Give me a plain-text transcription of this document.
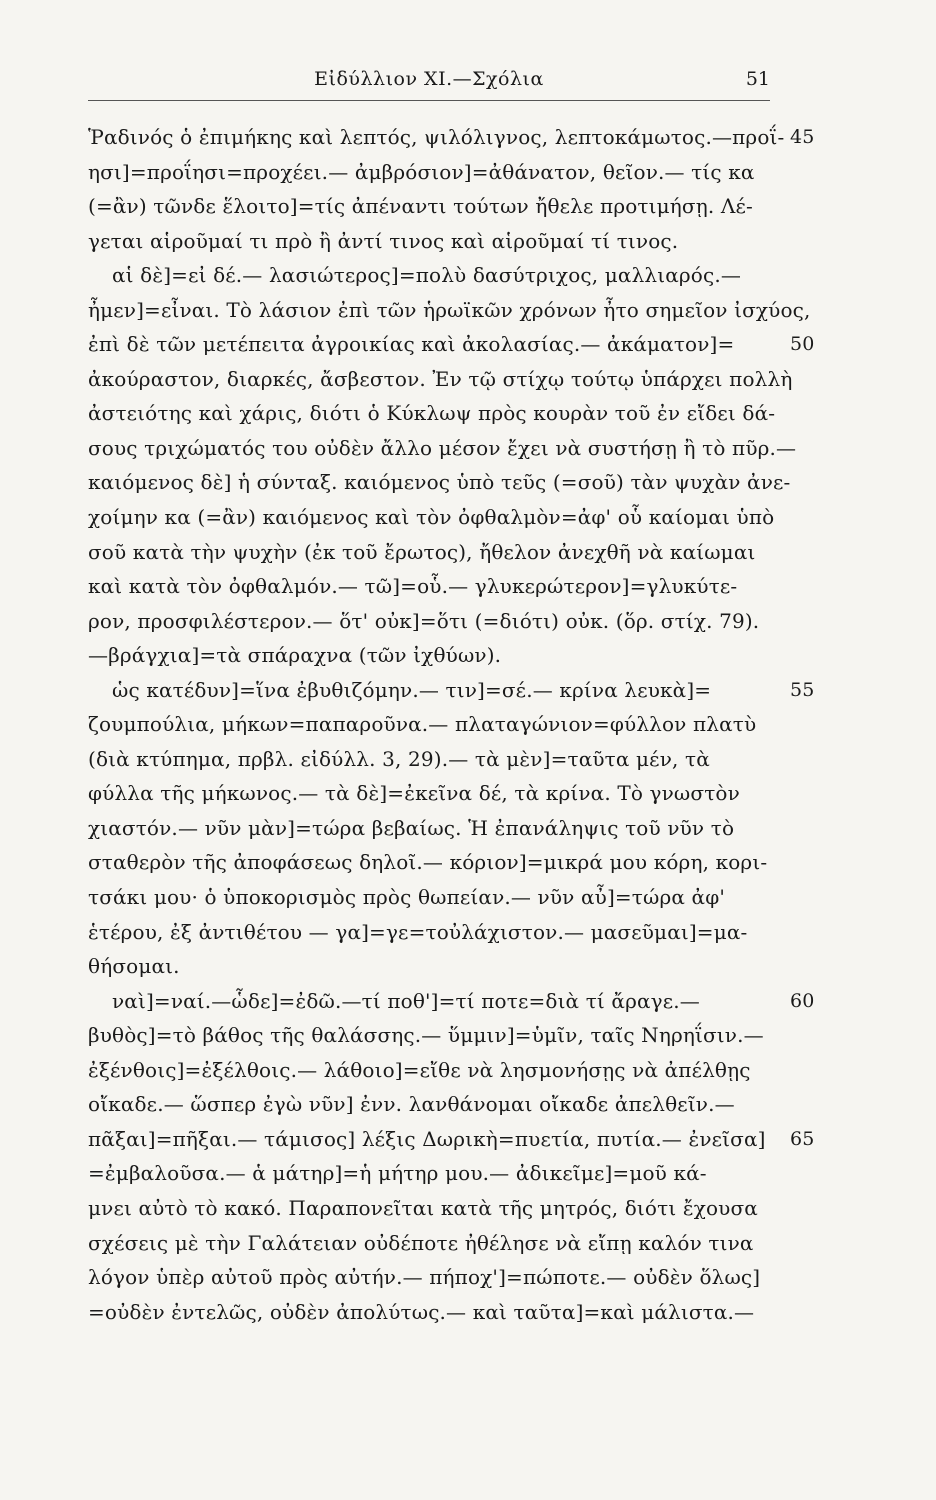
Εἰδύλλιον XI.—Σχόλια	51
Ῥαδινός ὁ ἐπιμήκης καὶ λεπτός, ψιλόλιγνος, λεπτοκάμωτος.—προΐ- 45
ησι]=προΐησι=προχέει.— ἀμβρόσιον]=ἀθάνατον, θεῖον.— τίς κα
(=ἂν) τῶνδε ἕλοιτο]=τίς ἀπέναντι τούτων ἤθελε προτιμήσῃ. Λέ-
γεται αἱροῦμαί τι πρὸ ἢ ἀντί τινος καὶ αἱροῦμαί τί τινος.
αἱ δὲ]=εἰ δέ.— λασιώτερος]=πολὺ δασύτριχος, μαλλιαρός.—
ἦμεν]=εἶναι. Τὸ λάσιον ἐπὶ τῶν ἡρωϊκῶν χρόνων ἦτο σημεῖον ἰσχύος,
ἐπὶ δὲ τῶν μετέπειτα ἀγροικίας καὶ ἀκολασίας.— ἀκάματον]=	50
ἀκούραστον, διαρκές, ἄσβεστον. Ἐν τῷ στίχῳ τούτῳ ὑπάρχει πολλὴ
ἀστειότης καὶ χάρις, διότι ὁ Κύκλωψ πρὸς κουρὰν τοῦ ἐν εἴδει δά-
σους τριχώματός του οὐδὲν ἄλλο μέσον ἔχει νὰ συστήσῃ ἢ τὸ πῦρ.—
καιόμενος δὲ] ἡ σύνταξ. καιόμενος ὑπὸ τεῦς (=σοῦ) τὰν ψυχὰν ἀνε-
χοίμην κα (=ἂν) καιόμενος καὶ τὸν ὀφθαλμὸν=ἀφ' οὗ καίομαι ὑπὸ
σοῦ κατὰ τὴν ψυχὴν (ἐκ τοῦ ἔρωτος), ἤθελον ἀνεχθῆ νὰ καίωμαι
καὶ κατὰ τὸν ὀφθαλμόν.— τῶ]=οὗ.— γλυκερώτερον]=γλυκύτε-
ρον, προσφιλέστερον.— ὅτ' οὐκ]=ὅτι (=διότι) οὐκ. (ὅρ. στίχ. 79).
—βράγχια]=τὰ σπάραχνα (τῶν ἰχθύων).
ὡς κατέδυν]=ἵνα ἐβυθιζόμην.— τιν]=σέ.— κρίνα λευκὰ]=	55
ζουμπούλια, μήκων=παπαροῦνα.— πλαταγώνιον=φύλλον πλατὺ
(διὰ κτύπημα, πρβλ. εἰδύλλ. 3, 29).— τὰ μὲν]=ταῦτα μέν, τὰ
φύλλα τῆς μήκωνος.— τὰ δὲ]=ἐκεῖνα δέ, τὰ κρίνα. Τὸ γνωστὸν
χιαστόν.— νῦν μὰν]=τώρα βεβαίως. Ἡ ἐπανάληψις τοῦ νῦν τὸ
σταθερὸν τῆς ἀποφάσεως δηλοῖ.— κόριον]=μικρά μου κόρη, κορι-
τσάκι μου· ὁ ὑποκορισμὸς πρὸς θωπείαν.— νῦν αὖ]=τώρα ἀφ'
ἑτέρου, ἐξ ἀντιθέτου — γα]=γε=τοὐλάχιστον.— μασεῦμαι]=μα-
θήσομαι.
ναὶ]=ναί.—ὧδε]=ἐδῶ.—τί ποθ']=τί ποτε=διὰ τί ἄραγε.—	60
βυθὸς]=τὸ βάθος τῆς θαλάσσης.— ὕμμιν]=ὑμῖν, ταῖς Νηρηΐσιν.—
ἐξένθοις]=ἐξέλθοις.— λάθοιο]=εἴθε νὰ λησμονήσῃς νὰ ἀπέλθῃς
οἴκαδε.— ὥσπερ ἐγὼ νῦν] ἐνν. λανθάνομαι οἴκαδε ἀπελθεῖν.—
πᾶξαι]=πῆξαι.— τάμισος] λέξις Δωρικὴ=πυετία, πυτία.— ἐνεῖσα] 65
=ἐμβαλοῦσα.— ἁ μάτηρ]=ἡ μήτηρ μου.— ἀδικεῖμε]=μοῦ κά-
μνει αὐτὸ τὸ κακό. Παραπονεῖται κατὰ τῆς μητρός, διότι ἔχουσα
σχέσεις μὲ τὴν Γαλάτειαν οὐδέποτε ἠθέλησε νὰ εἴπῃ καλόν τινα
λόγον ὑπὲρ αὐτοῦ πρὸς αὐτήν.— πήποχ']=πώποτε.— οὐδὲν ὅλως]
=οὐδὲν ἐντελῶς, οὐδὲν ἀπολύτως.— καὶ ταῦτα]=καὶ μάλιστα.—
